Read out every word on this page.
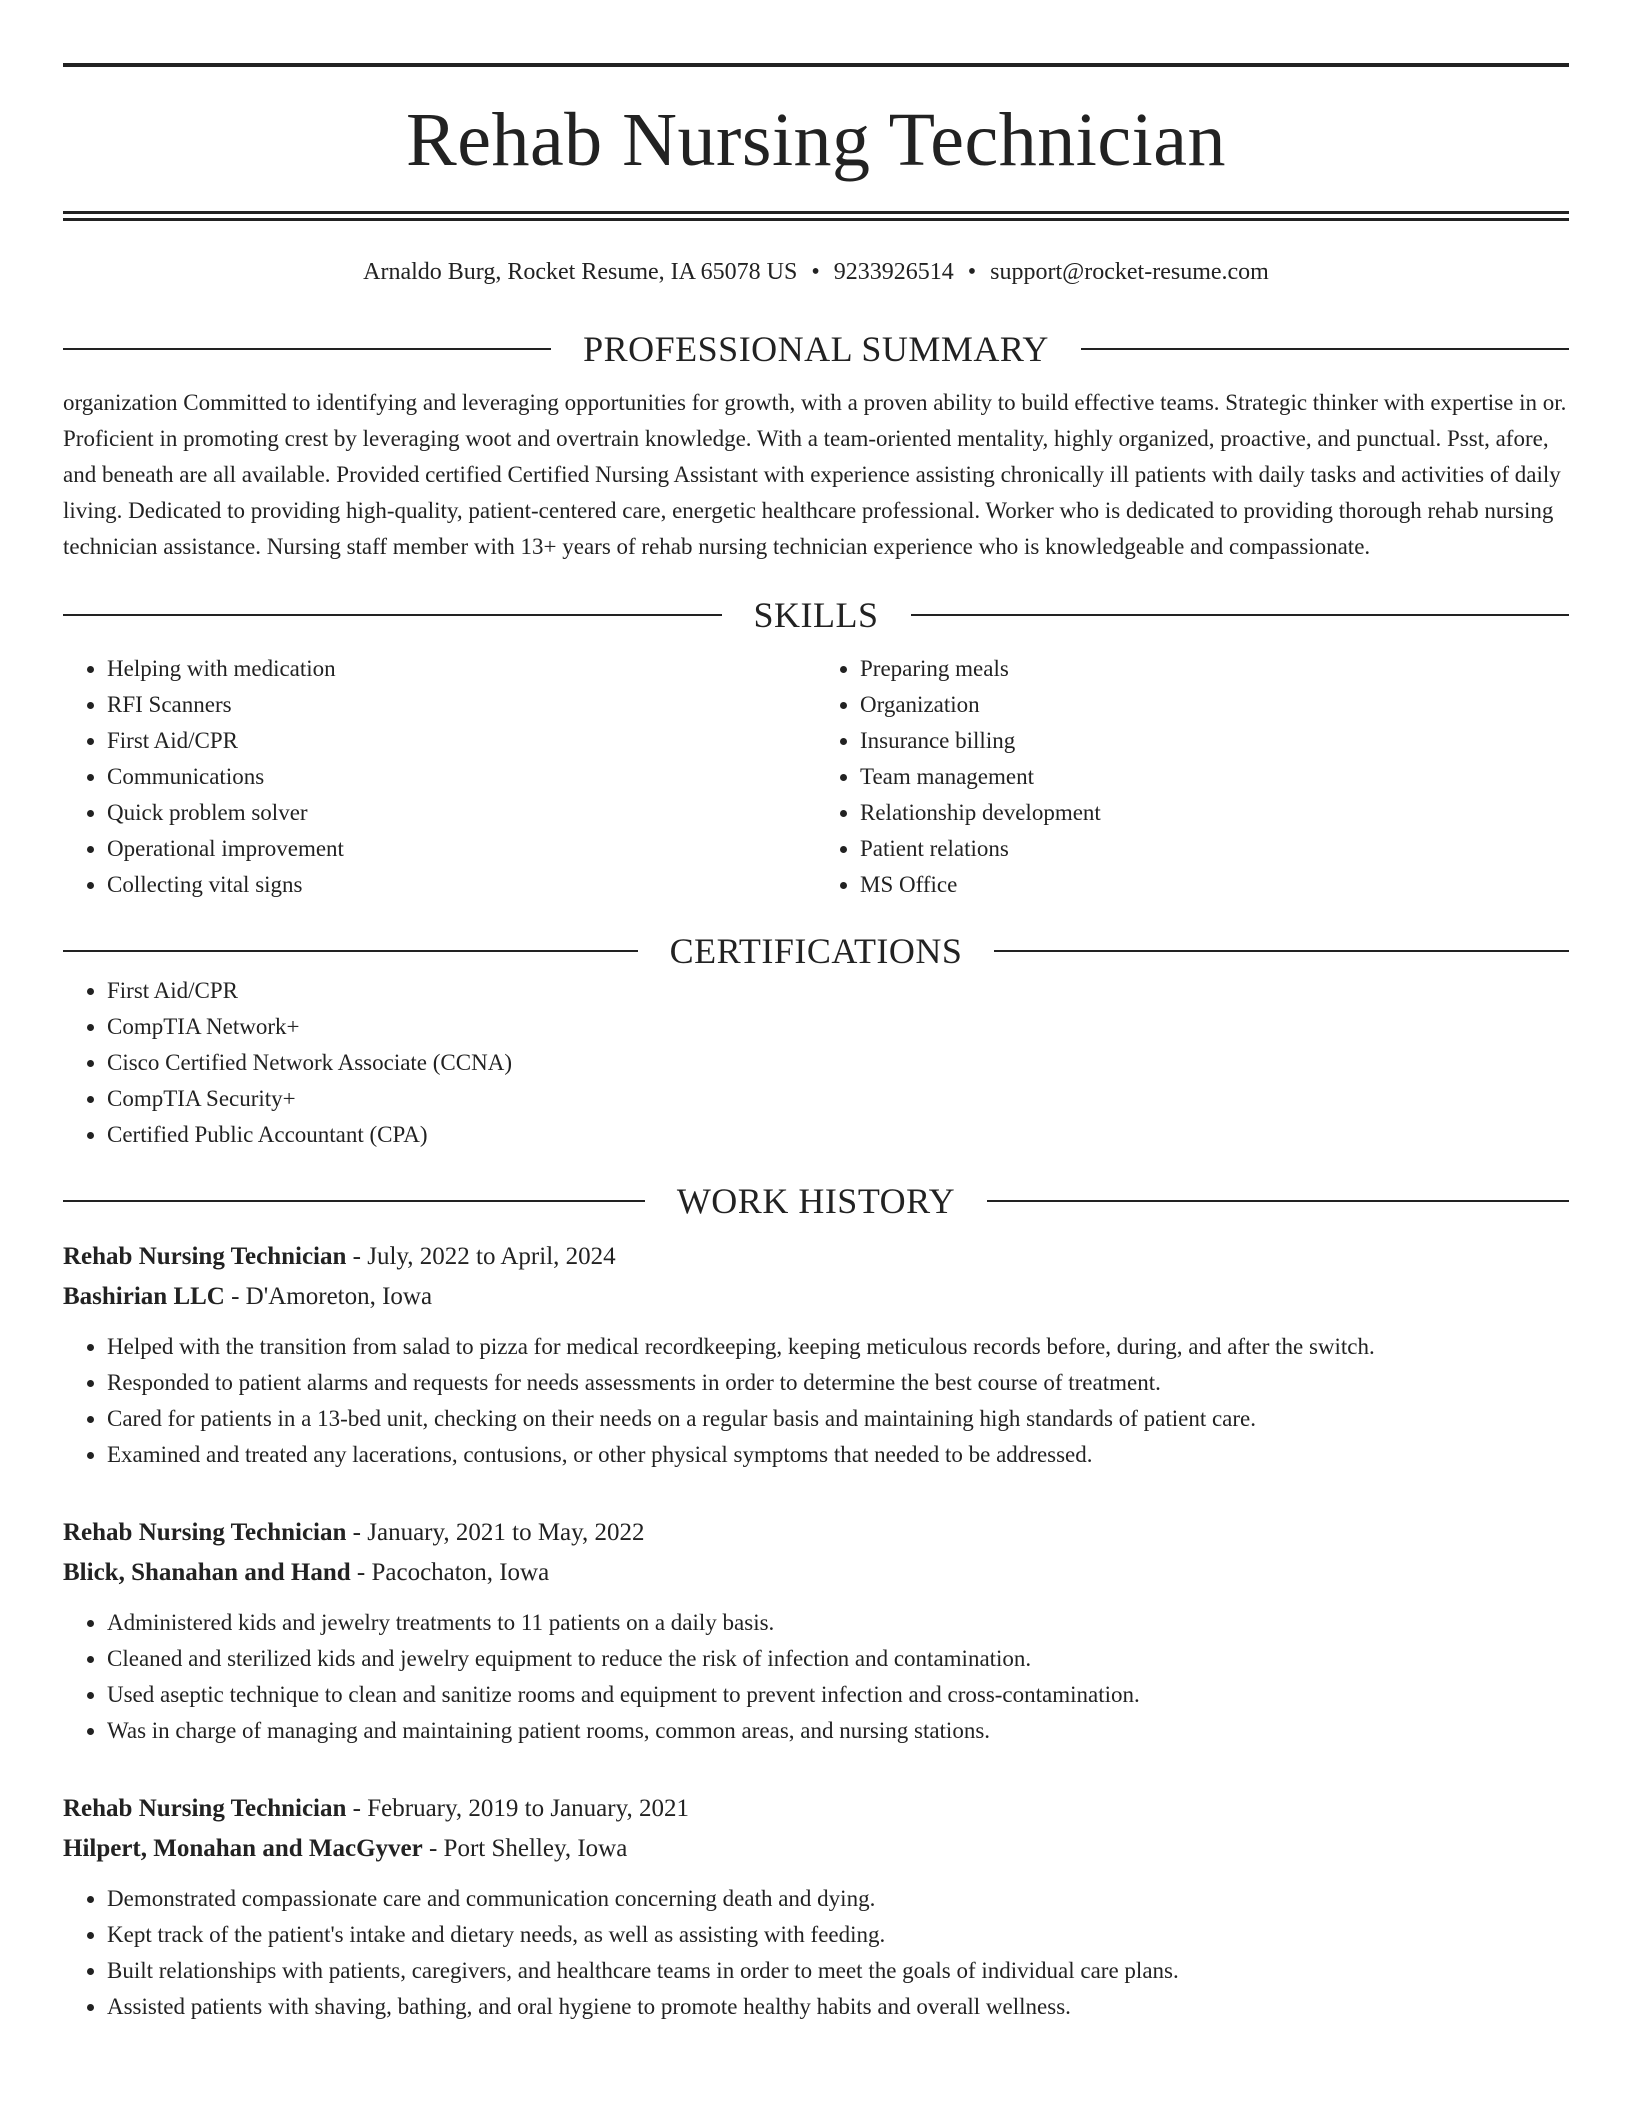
Rehab Nursing Technician
Arnaldo Burg, Rocket Resume, IA 65078 US • 9233926514 • support@rocket-resume.com
PROFESSIONAL SUMMARY

organization Committed to identifying and leveraging opportunities for growth, with a proven ability to build effective teams. Strategic thinker with expertise in or. Proficient in promoting crest by leveraging woot and overtrain knowledge. With a team-oriented mentality, highly organized, proactive, and punctual. Psst, afore, and beneath are all available. Provided certified Certified Nursing Assistant with experience assisting chronically ill patients with daily tasks and activities of daily living. Dedicated to providing high-quality, patient-centered care, energetic healthcare professional. Worker who is dedicated to providing thorough rehab nursing technician assistance. Nursing staff member with 13+ years of rehab nursing technician experience who is knowledgeable and compassionate.

SKILLS
• Helping with medication
• RFI Scanners
• First Aid/CPR
• Communications
• Quick problem solver
• Operational improvement
• Collecting vital signs
• Preparing meals
• Organization
• Insurance billing
• Team management
• Relationship development
• Patient relations
• MS Office
CERTIFICATIONS
• First Aid/CPR
• CompTIA Network+
• Cisco Certified Network Associate (CCNA)
• CompTIA Security+
• Certified Public Accountant (CPA)
WORK HISTORY
Rehab Nursing Technician - July, 2022 to April, 2024
Bashirian LLC - D'Amoreton, Iowa
• Helped with the transition from salad to pizza for medical recordkeeping, keeping meticulous records before, during, and after the switch.
• Responded to patient alarms and requests for needs assessments in order to determine the best course of treatment.
• Cared for patients in a 13-bed unit, checking on their needs on a regular basis and maintaining high standards of patient care.
• Examined and treated any lacerations, contusions, or other physical symptoms that needed to be addressed.
Rehab Nursing Technician - January, 2021 to May, 2022
Blick, Shanahan and Hand - Pacochaton, Iowa
• Administered kids and jewelry treatments to 11 patients on a daily basis.
• Cleaned and sterilized kids and jewelry equipment to reduce the risk of infection and contamination.
• Used aseptic technique to clean and sanitize rooms and equipment to prevent infection and cross-contamination.
• Was in charge of managing and maintaining patient rooms, common areas, and nursing stations.
Rehab Nursing Technician - February, 2019 to January, 2021
Hilpert, Monahan and MacGyver - Port Shelley, Iowa
• Demonstrated compassionate care and communication concerning death and dying.
• Kept track of the patient's intake and dietary needs, as well as assisting with feeding.
• Built relationships with patients, caregivers, and healthcare teams in order to meet the goals of individual care plans.
• Assisted patients with shaving, bathing, and oral hygiene to promote healthy habits and overall wellness.
